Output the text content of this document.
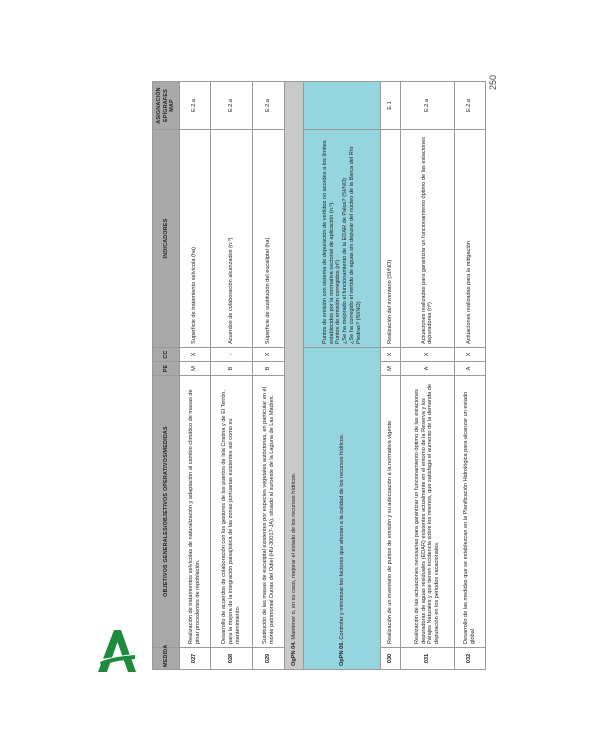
250
MEDIDA	OBJETIVOS GENERALES/OBJETIVOS OPERATIVOS/MEDIDAS	PE	CC	INDICADORES	ASIGNACIÓN EPÍGRAFES MAP
027	Realización de tratamientos selvícolas de naturalización y adaptación al cambio climático de masas de pinar procedentes de repoblación.	M	X	Superficie de tratamiento selvícola (ha)	E.2.a
028	Desarrollo de acuerdos de colaboración con los gestores de los puertos de Isla Cristina y de El Terrón, para la mejora de la integración paisajística de las zonas portuarias existentes así como su mantenimiento.	B	-	Acuerdos de colaboración alcanzados (n.º)	E.2.a
029	Sustitución de las masas de eucaliptal existentes por especies vegetales autóctonas, en particular en el monte patrimonial Dunas del Odiel (HU-30017-JA), situado al suroeste de la Laguna de Las Madres.	B	X	Superficie de sustitución del eucaliptal (ha)	E.2.a
OgPN 04. Mantener o, en su caso, mejorar el estado de los recursos hídricos.					
OpPN 06. Controlar y minimizar los factores que afectan a la calidad de los recursos hídricos.				Puntos de emisión con sistema de depuración de vertidos no acordes a los límites establecidos por la normativa sectorial de aplicación (n.º). Puntos de emisión corregidos (nº) ¿Se ha mejorado el funcionamiento de la EDAR de Palos? (SI/NO) ¿Se ha corregido el vertido de aguas sin depurar del núcleo de la Barca del Río Piedras? (SI/NO)	

030	Realización de un inventario de puntos de emisión y su adecuación a la normativa vigente.	M	X	Realización del inventario (SI/NO)	E.1
031	Realización de las actuaciones necesarias para garantizar un funcionamiento óptimo de las estaciones depuradoras de aguas residuales (EDAR) existentes actualmente en el entorno de la Reserva y los Parajes Naturales y que tienen incidencia sobre los mismos, que satisfaga el aumento de la demanda de depuración en los periodos vacacionales.	A	X	Actuaciones realizadas para garantizar un funcionamiento óptimo de las estaciones depuradoras (nº)	E.2.a
032	Desarrollo de las medidas que se establezcan en la Planificación Hidrológica para alcanzar un estado global	A	X	Actuaciones realizadas para la mitigación	E.2.a
